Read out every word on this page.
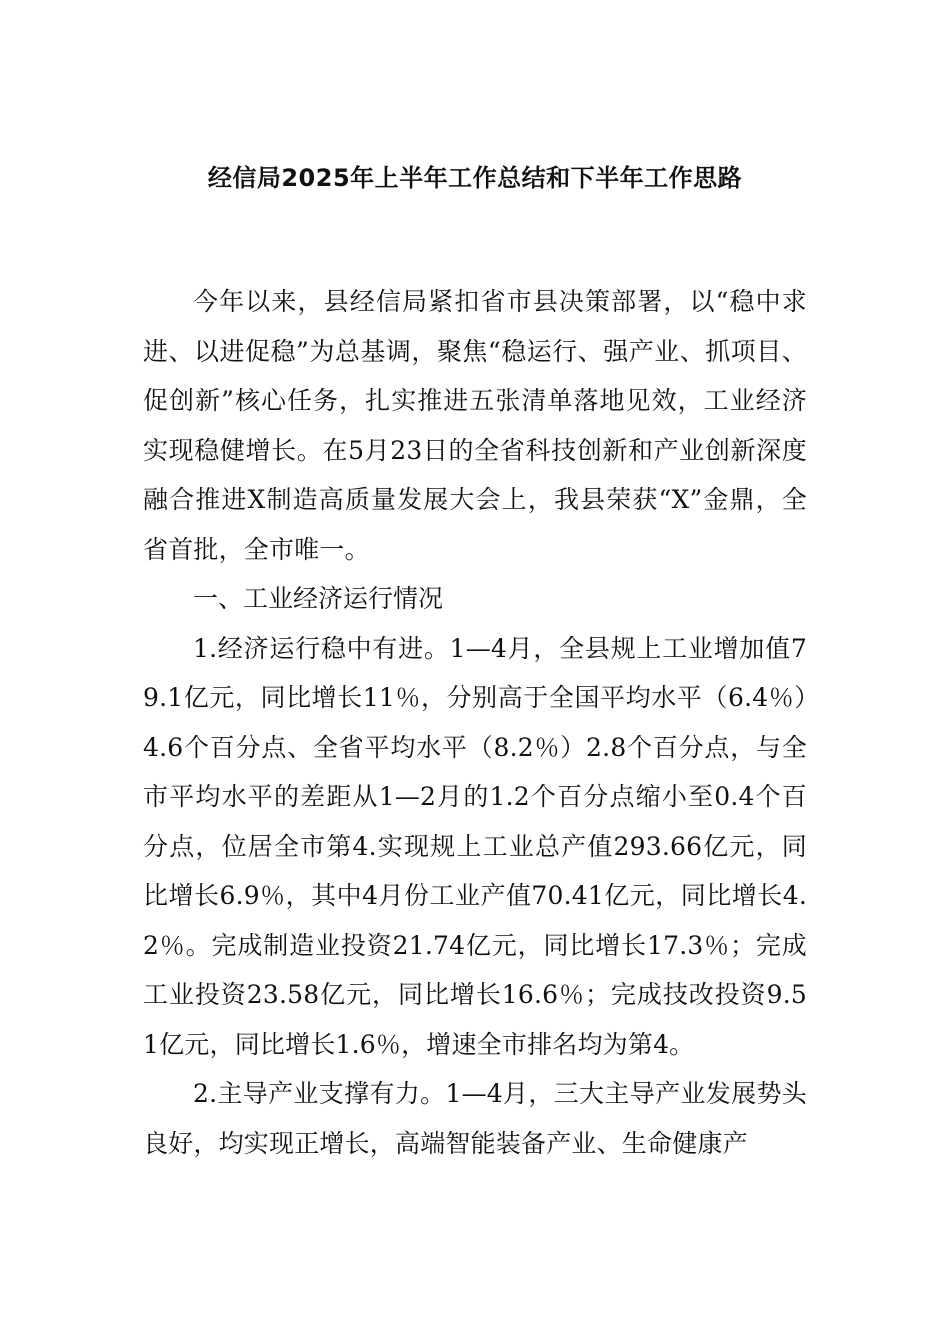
经信局2025年上半年工作总结和下半年工作思路

今年以来，县经信局紧扣省市县决策部署，以“稳中求进、以进促稳”为总基调，聚焦“稳运行、强产业、抓项目、促创新”核心任务，扎实推进五张清单落地见效，工业经济实现稳健增长。在5月23日的全省科技创新和产业创新深度融合推进X制造高质量发展大会上，我县荣获“X”金鼎，全省首批，全市唯一。

一、工业经济运行情况

1.经济运行稳中有进。1—4月，全县规上工业增加值79.1亿元，同比增长11％，分别高于全国平均水平（6.4％）4.6个百分点、全省平均水平（8.2％）2.8个百分点，与全市平均水平的差距从1—2月的1.2个百分点缩小至0.4个百分点，位居全市第4.实现规上工业总产值293.66亿元，同比增长6.9％，其中4月份工业产值70.41亿元，同比增长4.2％。完成制造业投资21.74亿元，同比增长17.3％；完成工业投资23.58亿元，同比增长16.6％；完成技改投资9.51亿元，同比增长1.6％，增速全市排名均为第4。

2.主导产业支撑有力。1—4月，三大主导产业发展势头良好，均实现正增长，高端智能装备产业、生命健康产
